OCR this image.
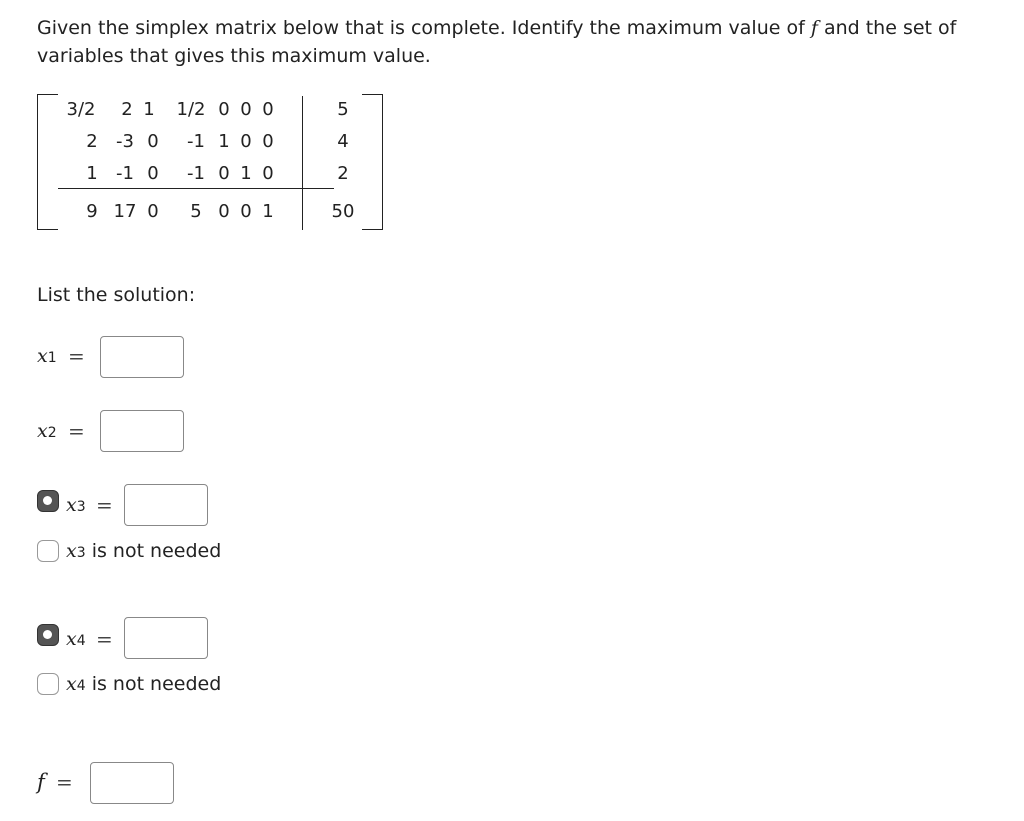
Given the simplex matrix below that is complete. Identify the maximum value of f and the set of variables that gives this maximum value.

3/2 2 1	1/2 0 0 0	5
2	-3 0	-1 1 0 0	4
1	-1 0	-1 0 1 0	2
9 17 0	5 0 0 1	50
List the solution:
x1 =
x2 =
x3 =
x3 is not needed
x4 =
x4 is not needed
f =
